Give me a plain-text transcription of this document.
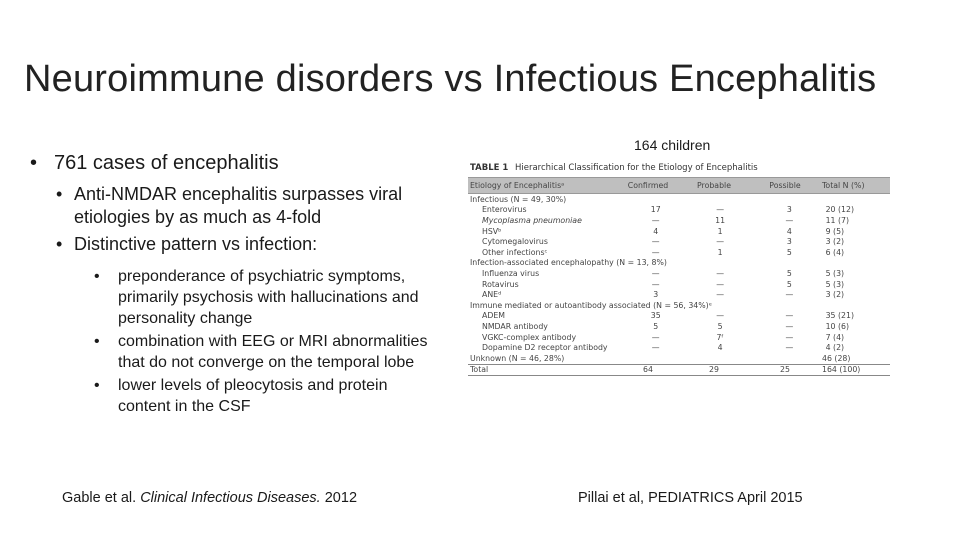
Neuroimmune disorders vs Infectious Encephalitis
• 761 cases of encephalitis
• Anti-NMDAR encephalitis surpasses viral etiologies by as much as 4-fold
• Distinctive pattern vs infection:
•	preponderance of psychiatric symptoms, primarily psychosis with hallucinations and personality change
•	combination with EEG or MRI abnormalities that do not converge on the temporal lobe
•	lower levels of pleocytosis and protein content in the CSF
164 children
TABLE 1 Hierarchical Classification for the Etiology of Encephalitis
Etiology of Encephalitisᵃ	Confirmed	Probable	Possible	Total N (%)
Infectious (N = 49, 30%)
Enterovirus	17	—	3	20 (12)
Mycoplasma pneumoniae	—	11	—	11 (7)
HSVᵇ	4	1	4	9 (5)
Cytomegalovirus	—	—	3	3 (2)
Other infectionsᶜ	—	1	5	6 (4)
Infection-associated encephalopathy (N = 13, 8%)
Influenza virus	—	—	5	5 (3)
Rotavirus	—	—	5	5 (3)
ANEᵈ	3	—	—	3 (2)
Immune mediated or autoantibody associated (N = 56, 34%)ᵉ
ADEM	35	—	—	35 (21)
NMDAR antibody	5	5	—	10 (6)
VGKC-complex antibody	—	7ᶠ	—	7 (4)
Dopamine D2 receptor antibody	—	4	—	4 (2)
Unknown (N = 46, 28%)	46 (28)
Total	64	29	25	164 (100)
Gable et al. Clinical Infectious Diseases. 2012	Pillai et al, PEDIATRICS April 2015
